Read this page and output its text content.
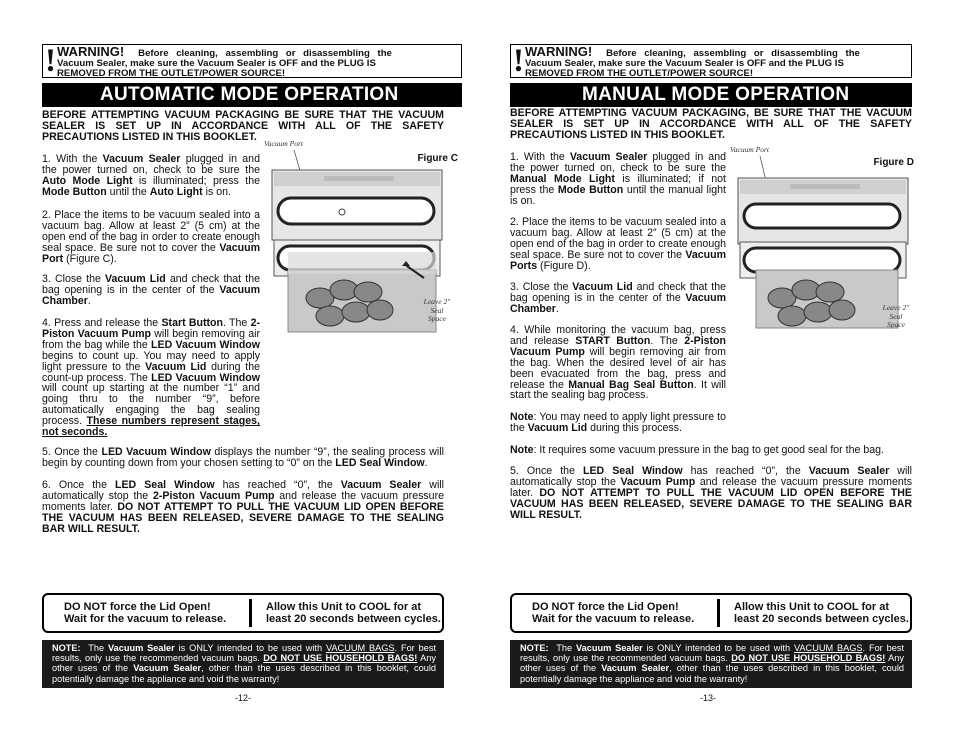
! WARNING! Before cleaning, assembling or disassembling the
Vacuum Sealer, make sure the Vacuum Sealer is OFF and the PLUG IS
REMOVED FROM THE OUTLET/POWER SOURCE!
AUTOMATIC MODE OPERATION
BEFORE ATTEMPTING VACUUM PACKAGING BE SURE THAT THE VACUUM SEALER IS SET UP IN ACCORDANCE WITH ALL OF THE SAFETY PRECAUTIONS LISTED IN THIS BOOKLET.
Vacuum Port
Figure C
Leave 2"
Seal
Space
1. With the Vacuum Sealer plugged in and the power turned on, check to be sure the Auto Mode Light is illuminated; press the Mode Button until the Auto Light is on.
2. Place the items to be vacuum sealed into a vacuum bag. Allow at least 2” (5 cm) at the open end of the bag in order to create enough seal space. Be sure not to cover the Vacuum Port (Figure C).
3. Close the Vacuum Lid and check that the bag opening is in the center of the Vacuum Chamber.
4. Press and release the Start Button. The 2-Piston Vacuum Pump will begin removing air from the bag while the LED Vacuum Window begins to count up. You may need to apply light pressure to the Vacuum Lid during the count-up process. The LED Vacuum Window will count up starting at the number “1” and going thru to the number “9”, before automatically engaging the bag sealing process. These numbers represent stages, not seconds.
5. Once the LED Vacuum Window displays the number “9”, the sealing process will begin by counting down from your chosen setting to “0” on the LED Seal Window.
6. Once the LED Seal Window has reached “0”, the Vacuum Sealer will automatically stop the 2-Piston Vacuum Pump and release the vacuum pressure moments later. DO NOT ATTEMPT TO PULL THE VACUUM LID OPEN BEFORE THE VACUUM HAS BEEN RELEASED, SEVERE DAMAGE TO THE SEALING BAR WILL RESULT.
DO NOT force the Lid Open!
Wait for the vacuum to release.
Allow this Unit to COOL for at
least 20 seconds between cycles.
NOTE: The Vacuum Sealer is ONLY intended to be used with VACUUM BAGS. For best results, only use the recommended vacuum bags. DO NOT USE HOUSEHOLD BAGS! Any other uses of the Vacuum Sealer, other than the uses described in this booklet, could potentially damage the appliance and void the warranty!
-12-
! WARNING! Before cleaning, assembling or disassembling the
Vacuum Sealer, make sure the Vacuum Sealer is OFF and the PLUG IS
REMOVED FROM THE OUTLET/POWER SOURCE!
MANUAL MODE OPERATION
BEFORE ATTEMPTING VACUUM PACKAGING, BE SURE THAT THE VACUUM SEALER IS SET UP IN ACCORDANCE WITH ALL OF THE SAFETY PRECAUTIONS LISTED IN THIS BOOKLET.
Vacuum Port
Figure D
Leave 2"
Seal
Space
1. With the Vacuum Sealer plugged in and the power turned on, check to be sure the Manual Mode Light is illuminated; if not press the Mode Button until the manual light is on.
2. Place the items to be vacuum sealed into a vacuum bag. Allow at least 2” (5 cm) at the open end of the bag in order to create enough seal space. Be sure not to cover the Vacuum Ports (Figure D).
3. Close the Vacuum Lid and check that the bag opening is in the center of the Vacuum Chamber.
4. While monitoring the vacuum bag, press and release START Button. The 2-Piston Vacuum Pump will begin removing air from the bag. When the desired level of air has been evacuated from the bag, press and release the Manual Bag Seal Button. It will start the sealing bag process.
Note: You may need to apply light pressure to the Vacuum Lid during this process.
Note: It requires some vacuum pressure in the bag to get good seal for the bag.
5. Once the LED Seal Window has reached “0”, the Vacuum Sealer will automatically stop the Vacuum Pump and release the vacuum pressure moments later. DO NOT ATTEMPT TO PULL THE VACUUM LID OPEN BEFORE THE VACUUM HAS BEEN RELEASED, SEVERE DAMAGE TO THE SEALING BAR WILL RESULT.
DO NOT force the Lid Open!
Wait for the vacuum to release.
Allow this Unit to COOL for at
least 20 seconds between cycles.
NOTE: The Vacuum Sealer is ONLY intended to be used with VACUUM BAGS. For best results, only use the recommended vacuum bags. DO NOT USE HOUSEHOLD BAGS! Any other uses of the Vacuum Sealer, other than the uses described in this booklet, could potentially damage the appliance and void the warranty!
-13-
